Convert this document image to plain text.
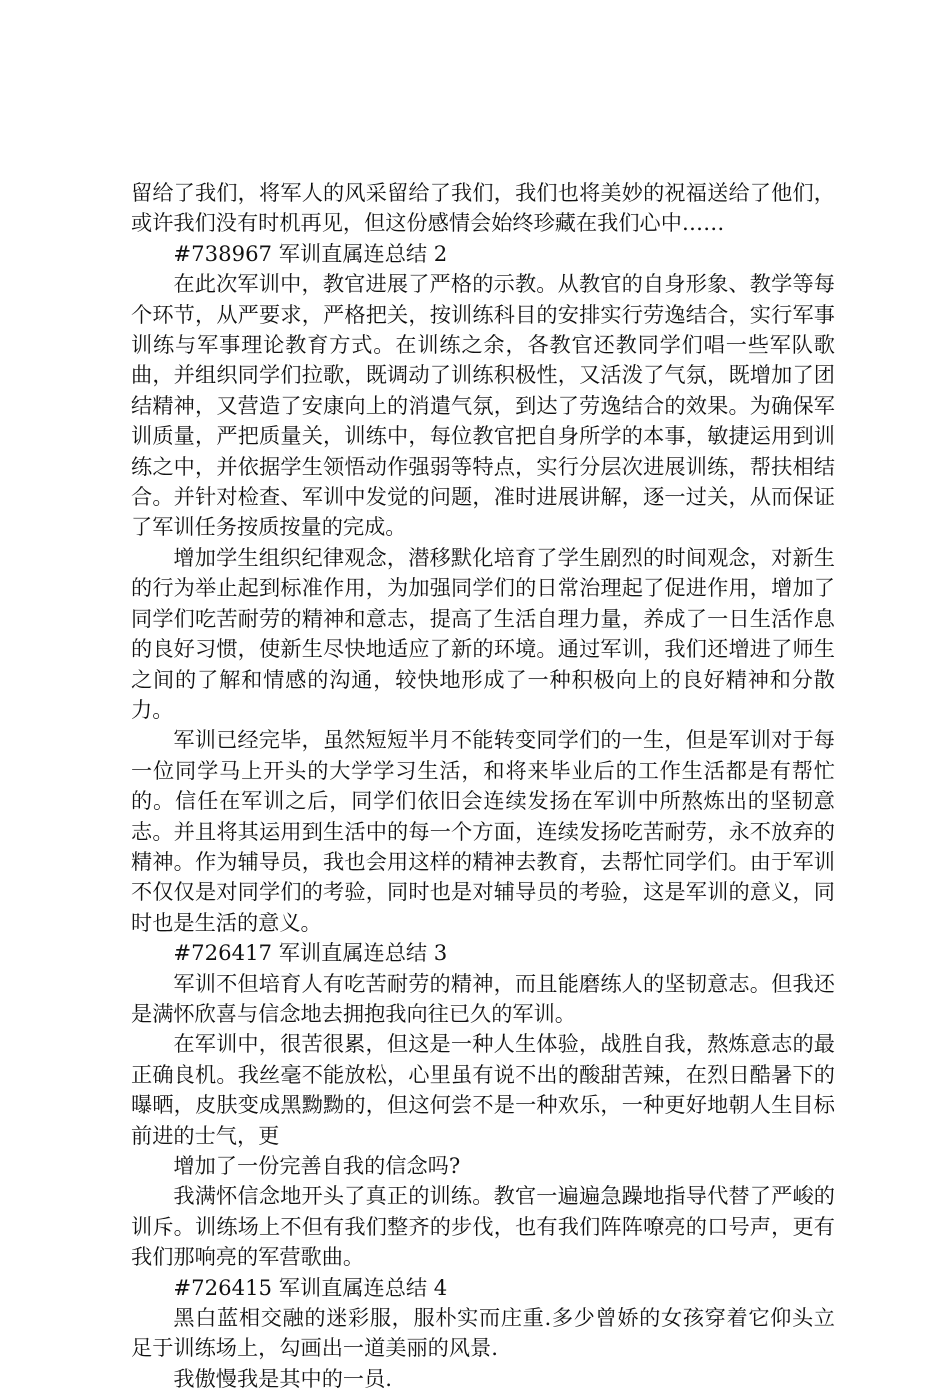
留给了我们，将军人的风采留给了我们，我们也将美妙的祝福送给了他们，或许我们没有时机再见，但这份感情会始终珍藏在我们心中……

#738967 军训直属连总结 2

在此次军训中，教官进展了严格的示教。从教官的自身形象、教学等每个环节，从严要求，严格把关，按训练科目的安排实行劳逸结合，实行军事训练与军事理论教育方式。在训练之余，各教官还教同学们唱一些军队歌曲，并组织同学们拉歌，既调动了训练积极性，又活泼了气氛，既增加了团结精神，又营造了安康向上的消遣气氛，到达了劳逸结合的效果。为确保军训质量，严把质量关，训练中，每位教官把自身所学的本事，敏捷运用到训练之中，并依据学生领悟动作强弱等特点，实行分层次进展训练，帮扶相结合。并针对检查、军训中发觉的问题，准时进展讲解，逐一过关，从而保证了军训任务按质按量的完成。

增加学生组织纪律观念，潜移默化培育了学生剧烈的时间观念，对新生的行为举止起到标准作用，为加强同学们的日常治理起了促进作用，增加了同学们吃苦耐劳的精神和意志，提高了生活自理力量，养成了一日生活作息的良好习惯，使新生尽快地适应了新的环境。通过军训，我们还增进了师生之间的了解和情感的沟通，较快地形成了一种积极向上的良好精神和分散力。

军训已经完毕，虽然短短半月不能转变同学们的一生，但是军训对于每一位同学马上开头的大学学习生活，和将来毕业后的工作生活都是有帮忙的。信任在军训之后，同学们依旧会连续发扬在军训中所熬炼出的坚韧意志。并且将其运用到生活中的每一个方面，连续发扬吃苦耐劳，永不放弃的精神。作为辅导员，我也会用这样的精神去教育，去帮忙同学们。由于军训不仅仅是对同学们的考验，同时也是对辅导员的考验，这是军训的意义，同时也是生活的意义。

#726417 军训直属连总结 3

军训不但培育人有吃苦耐劳的精神，而且能磨练人的坚韧意志。但我还是满怀欣喜与信念地去拥抱我向往已久的军训。

在军训中，很苦很累，但这是一种人生体验，战胜自我，熬炼意志的最正确良机。我丝毫不能放松，心里虽有说不出的酸甜苦辣，在烈日酷暑下的曝晒，皮肤变成黑黝黝的，但这何尝不是一种欢乐，一种更好地朝人生目标前进的士气，更

增加了一份完善自我的信念吗?

我满怀信念地开头了真正的训练。教官一遍遍急躁地指导代替了严峻的训斥。训练场上不但有我们整齐的步伐，也有我们阵阵嘹亮的口号声，更有我们那响亮的军营歌曲。

#726415 军训直属连总结 4

黑白蓝相交融的迷彩服，服朴实而庄重.多少曾娇的女孩穿着它仰头立足于训练场上，勾画出一道美丽的风景.

我傲慢我是其中的一员.
